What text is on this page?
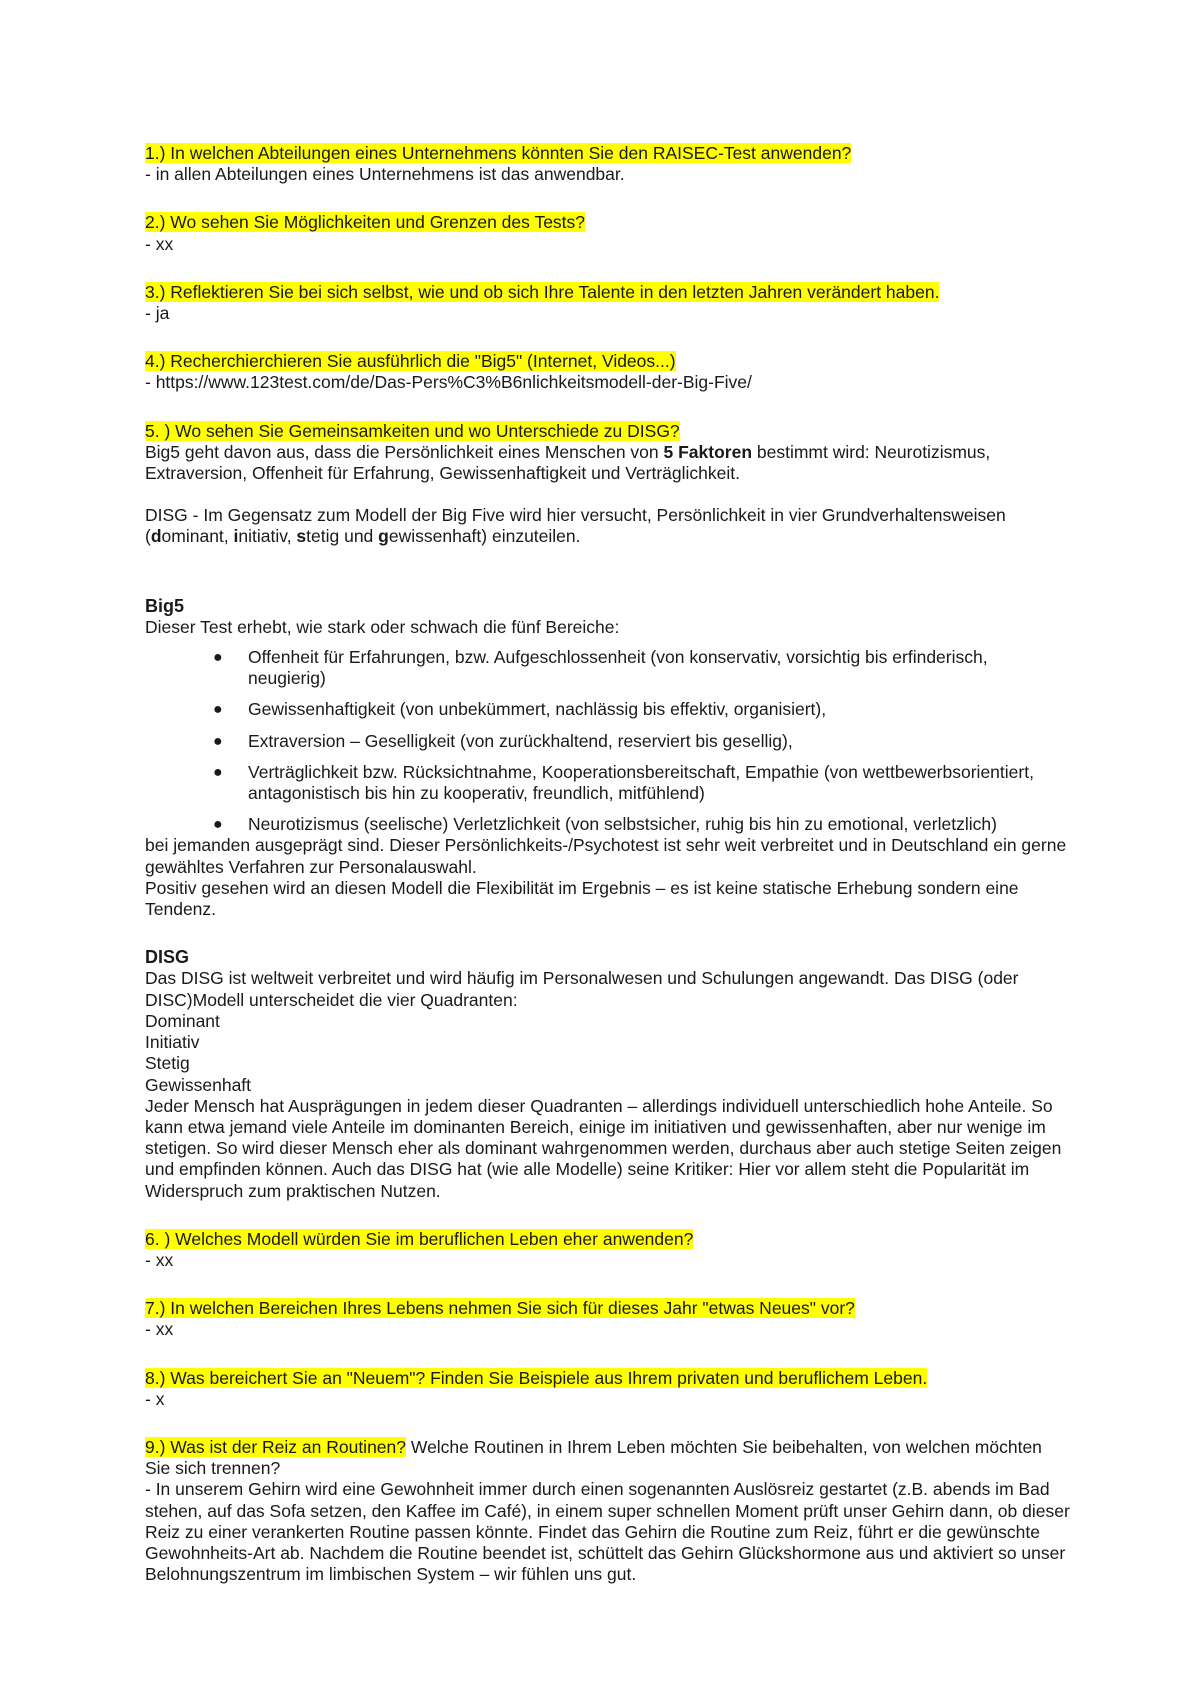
1.) In welchen Abteilungen eines Unternehmens könnten Sie den RAISEC-Test anwenden?

- in allen Abteilungen eines Unternehmens ist das anwendbar.

2.) Wo sehen Sie Möglichkeiten und Grenzen des Tests?

- xx

3.) Reflektieren Sie bei sich selbst, wie und ob sich Ihre Talente in den letzten Jahren verändert haben.

- ja

4.) Recherchierchieren Sie ausführlich die "Big5" (Internet, Videos...)

- https://www.123test.com/de/Das-Pers%C3%B6nlichkeitsmodell-der-Big-Five/

5. ) Wo sehen Sie Gemeinsamkeiten und wo Unterschiede zu DISG?

Big5 geht davon aus, dass die Persönlichkeit eines Menschen von 5 Faktoren bestimmt wird: Neurotizismus, Extraversion, Offenheit für Erfahrung, Gewissenhaftigkeit und Verträglichkeit.

DISG - Im Gegensatz zum Modell der Big Five wird hier versucht, Persönlichkeit in vier Grundverhaltensweisen (dominant, initiativ, stetig und gewissenhaft) einzuteilen.

Big5

Dieser Test erhebt, wie stark oder schwach die fünf Bereiche:

● Offenheit für Erfahrungen, bzw. Aufgeschlossenheit (von konservativ, vorsichtig bis erfinderisch, neugierig)
● Gewissenhaftigkeit (von unbekümmert, nachlässig bis effektiv, organisiert),
● Extraversion – Geselligkeit (von zurückhaltend, reserviert bis gesellig),
● Verträglichkeit bzw. Rücksichtnahme, Kooperationsbereitschaft, Empathie (von wettbewerbsorientiert, antagonistisch bis hin zu kooperativ, freundlich, mitfühlend)
● Neurotizismus (seelische) Verletzlichkeit (von selbstsicher, ruhig bis hin zu emotional, verletzlich)

bei jemanden ausgeprägt sind. Dieser Persönlichkeits-/Psychotest ist sehr weit verbreitet und in Deutschland ein gerne gewähltes Verfahren zur Personalauswahl.

Positiv gesehen wird an diesen Modell die Flexibilität im Ergebnis – es ist keine statische Erhebung sondern eine Tendenz.

DISG

Das DISG ist weltweit verbreitet und wird häufig im Personalwesen und Schulungen angewandt. Das DISG (oder DISC)Modell unterscheidet die vier Quadranten:

Dominant

Initiativ

Stetig

Gewissenhaft

Jeder Mensch hat Ausprägungen in jedem dieser Quadranten – allerdings individuell unterschiedlich hohe Anteile. So kann etwa jemand viele Anteile im dominanten Bereich, einige im initiativen und gewissenhaften, aber nur wenige im stetigen. So wird dieser Mensch eher als dominant wahrgenommen werden, durchaus aber auch stetige Seiten zeigen und empfinden können. Auch das DISG hat (wie alle Modelle) seine Kritiker: Hier vor allem steht die Popularität im Widerspruch zum praktischen Nutzen.

6. ) Welches Modell würden Sie im beruflichen Leben eher anwenden?

- xx

7.) In welchen Bereichen Ihres Lebens nehmen Sie sich für dieses Jahr "etwas Neues" vor?

- xx

8.) Was bereichert Sie an "Neuem"? Finden Sie Beispiele aus Ihrem privaten und beruflichem Leben.

- x

9.) Was ist der Reiz an Routinen? Welche Routinen in Ihrem Leben möchten Sie beibehalten, von welchen möchten Sie sich trennen?

- In unserem Gehirn wird eine Gewohnheit immer durch einen sogenannten Auslösreiz gestartet (z.B. abends im Bad stehen, auf das Sofa setzen, den Kaffee im Café), in einem super schnellen Moment prüft unser Gehirn dann, ob dieser Reiz zu einer verankerten Routine passen könnte. Findet das Gehirn die Routine zum Reiz, führt er die gewünschte Gewohnheits-Art ab. Nachdem die Routine beendet ist, schüttelt das Gehirn Glückshormone aus und aktiviert so unser Belohnungszentrum im limbischen System – wir fühlen uns gut.
